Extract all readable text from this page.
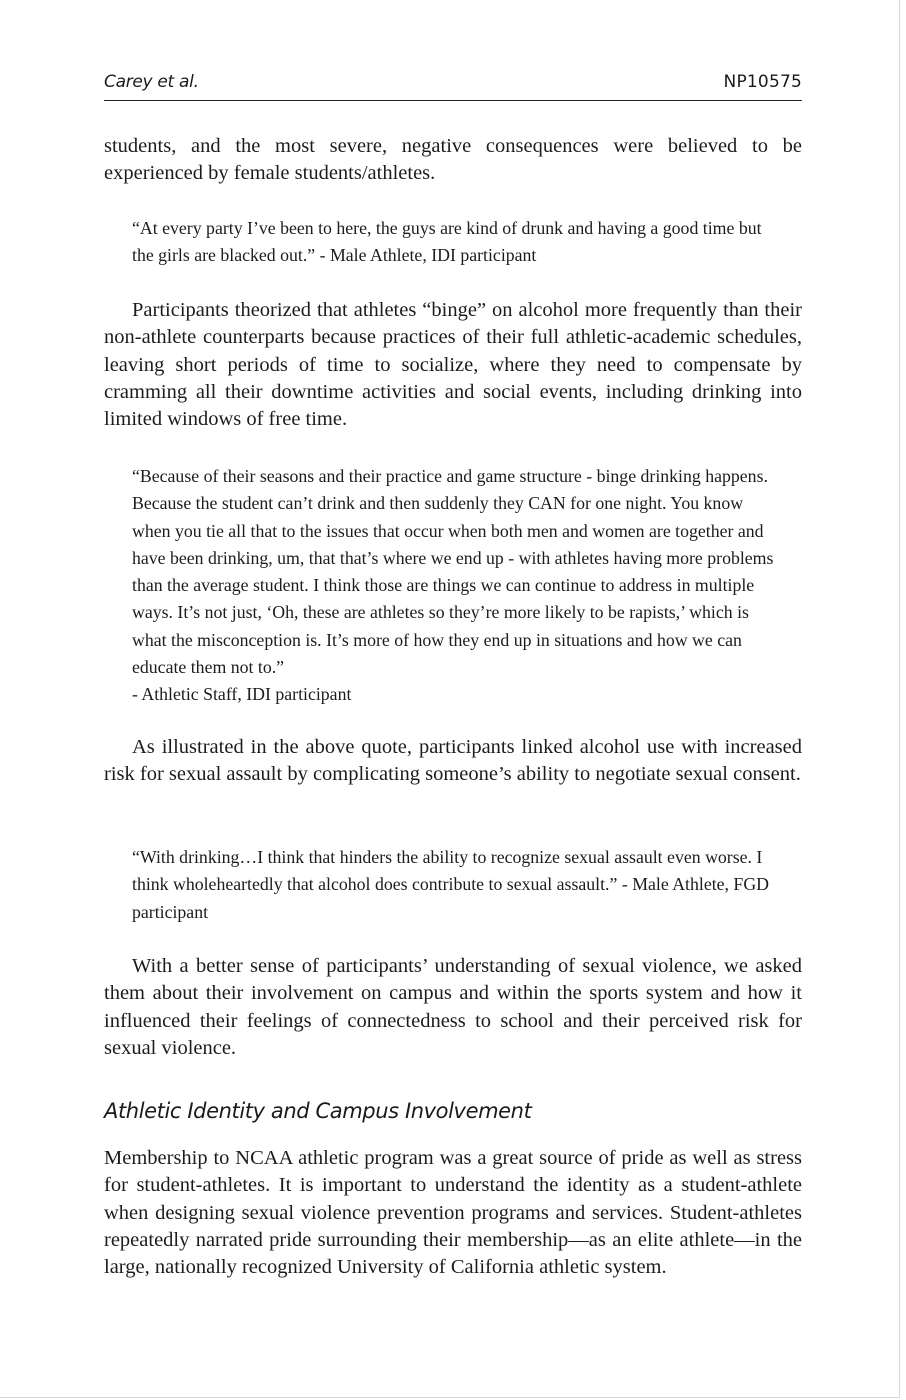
Carey et al.	NP10575

students, and the most severe, negative consequences were believed to be experienced by female students/athletes.

“At every party I’ve been to here, the guys are kind of drunk and having a good time but the girls are blacked out.” - Male Athlete, IDI participant

Participants theorized that athletes “binge” on alcohol more frequently than their non-athlete counterparts because practices of their full athletic-academic schedules, leaving short periods of time to socialize, where they need to compensate by cramming all their downtime activities and social events, including drinking into limited windows of free time.

“Because of their seasons and their practice and game structure - binge drinking happens. Because the student can’t drink and then suddenly they CAN for one night. You know when you tie all that to the issues that occur when both men and women are together and have been drinking, um, that that’s where we end up - with athletes having more problems than the average student. I think those are things we can continue to address in multiple ways. It’s not just, ‘Oh, these are athletes so they’re more likely to be rapists,’ which is what the misconception is. It’s more of how they end up in situations and how we can educate them not to.”

- Athletic Staff, IDI participant

As illustrated in the above quote, participants linked alcohol use with increased risk for sexual assault by complicating someone’s ability to negotiate sexual consent.

“With drinking…I think that hinders the ability to recognize sexual assault even worse. I think wholeheartedly that alcohol does contribute to sexual assault.” - Male Athlete, FGD participant

With a better sense of participants’ understanding of sexual violence, we asked them about their involvement on campus and within the sports system and how it influenced their feelings of connectedness to school and their perceived risk for sexual violence.

Athletic Identity and Campus Involvement

Membership to NCAA athletic program was a great source of pride as well as stress for student-athletes. It is important to understand the identity as a student-athlete when designing sexual violence prevention programs and services. Student-athletes repeatedly narrated pride surrounding their membership—as an elite athlete—in the large, nationally recognized University of California athletic system.
